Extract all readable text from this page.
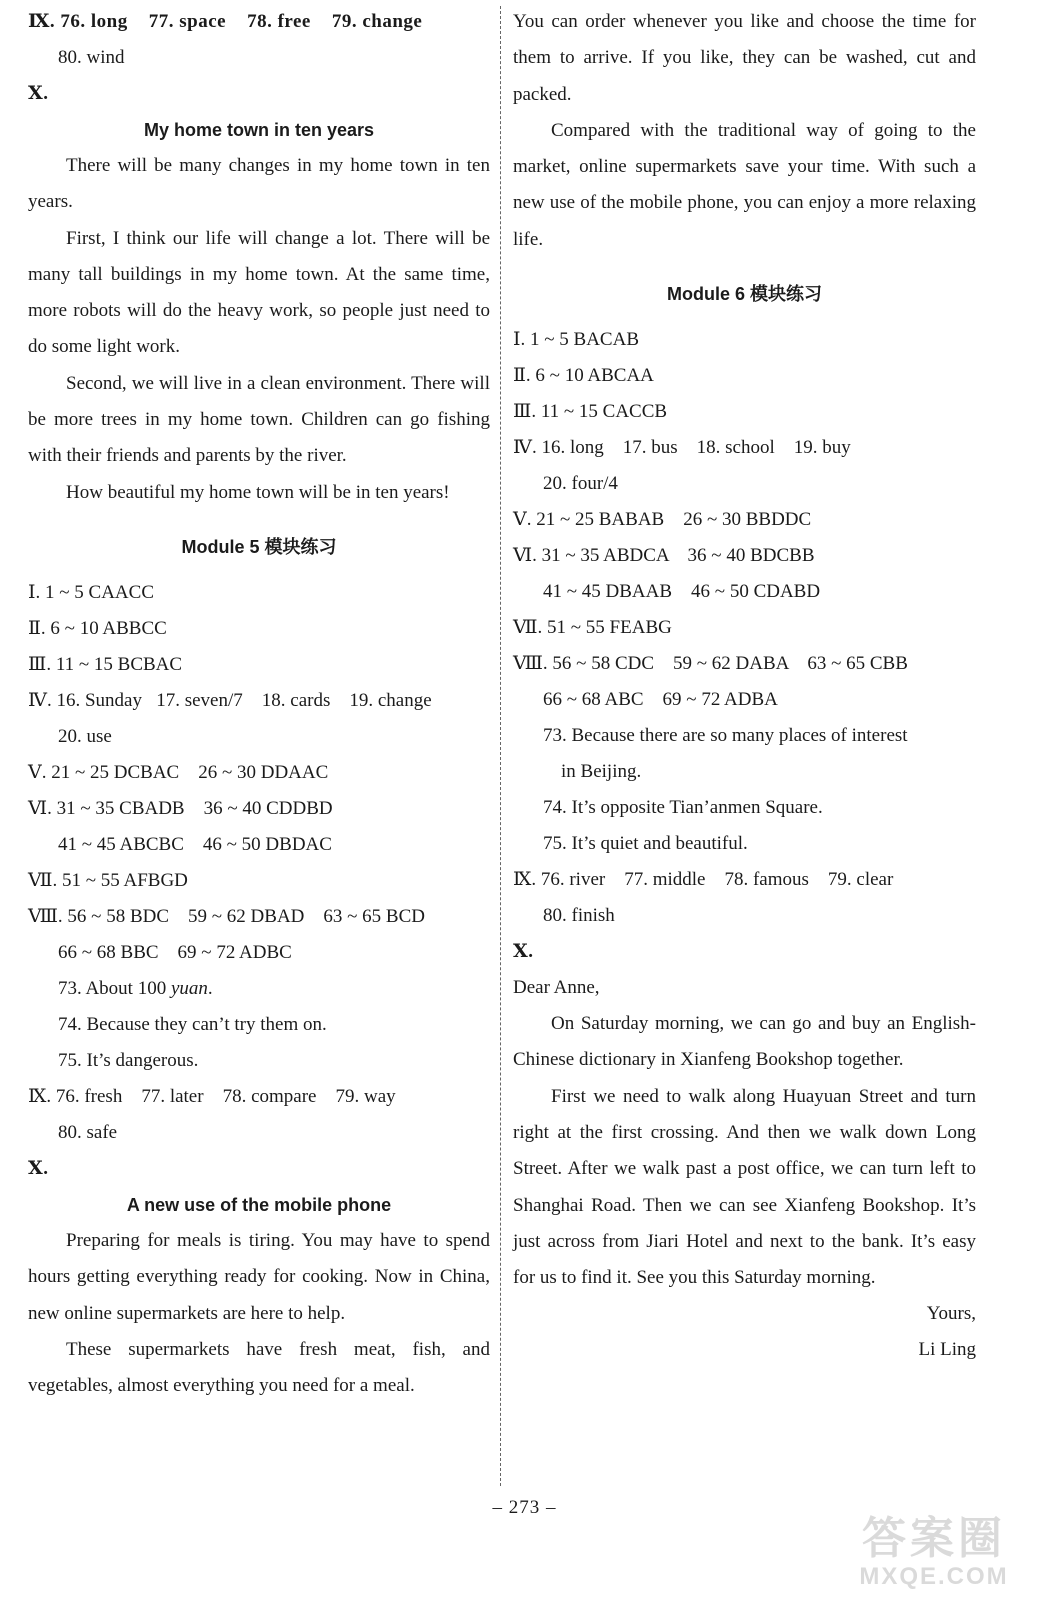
Ⅸ. 76. long    77. space    78. free    79. change
80. wind
Ⅹ.
My home town in ten years
There will be many changes in my home town in ten years.
First, I think our life will change a lot. There will be many tall buildings in my home town. At the same time, more robots will do the heavy work, so people just need to do some light work.
Second, we will live in a clean environment. There will be more trees in my home town. Children can go fishing with their friends and parents by the river.
How beautiful my home town will be in ten years!
Module 5 模块练习
Ⅰ. 1 ~ 5 CAACC
Ⅱ. 6 ~ 10 ABBCC
Ⅲ. 11 ~ 15 BCBAC
Ⅳ. 16. Sunday   17. seven/7    18. cards    19. change
20. use
Ⅴ. 21 ~ 25 DCBAC    26 ~ 30 DDAAC
Ⅵ. 31 ~ 35 CBADB    36 ~ 40 CDDBD
41 ~ 45 ABCBC    46 ~ 50 DBDAC
Ⅶ. 51 ~ 55 AFBGD
Ⅷ. 56 ~ 58 BDC    59 ~ 62 DBAD    63 ~ 65 BCD
66 ~ 68 BBC    69 ~ 72 ADBC
73. About 100 yuan.
74. Because they can’t try them on.
75. It’s dangerous.
Ⅸ. 76. fresh    77. later    78. compare    79. way
80. safe
Ⅹ.
A new use of the mobile phone
Preparing for meals is tiring. You may have to spend hours getting everything ready for cooking. Now in China, new online supermarkets are here to help.
These supermarkets have fresh meat, fish, and vegetables, almost everything you need for a meal.
You can order whenever you like and choose the time for them to arrive. If you like, they can be washed, cut and packed.
Compared with the traditional way of going to the market, online supermarkets save your time. With such a new use of the mobile phone, you can enjoy a more relaxing life.
Module 6 模块练习
Ⅰ. 1 ~ 5 BACAB
Ⅱ. 6 ~ 10 ABCAA
Ⅲ. 11 ~ 15 CACCB
Ⅳ. 16. long    17. bus    18. school    19. buy
20. four/4
Ⅴ. 21 ~ 25 BABAB    26 ~ 30 BBDDC
Ⅵ. 31 ~ 35 ABDCA    36 ~ 40 BDCBB
41 ~ 45 DBAAB    46 ~ 50 CDABD
Ⅶ. 51 ~ 55 FEABG
Ⅷ. 56 ~ 58 CDC    59 ~ 62 DABA    63 ~ 65 CBB
66 ~ 68 ABC    69 ~ 72 ADBA
73. Because there are so many places of interest
in Beijing.
74. It’s opposite Tian’anmen Square.
75. It’s quiet and beautiful.
Ⅸ. 76. river    77. middle    78. famous    79. clear
80. finish
Ⅹ.
Dear Anne,
On Saturday morning, we can go and buy an English-Chinese dictionary in Xianfeng Bookshop together.
First we need to walk along Huayuan Street and turn right at the first crossing. And then we walk down Long Street. After we walk past a post office, we can turn left to Shanghai Road. Then we can see Xianfeng Bookshop. It’s just across from Jiari Hotel and next to the bank. It’s easy for us to find it. See you this Saturday morning.
Yours,
Li Ling
– 273 –
答案圈
MXQE.COM
